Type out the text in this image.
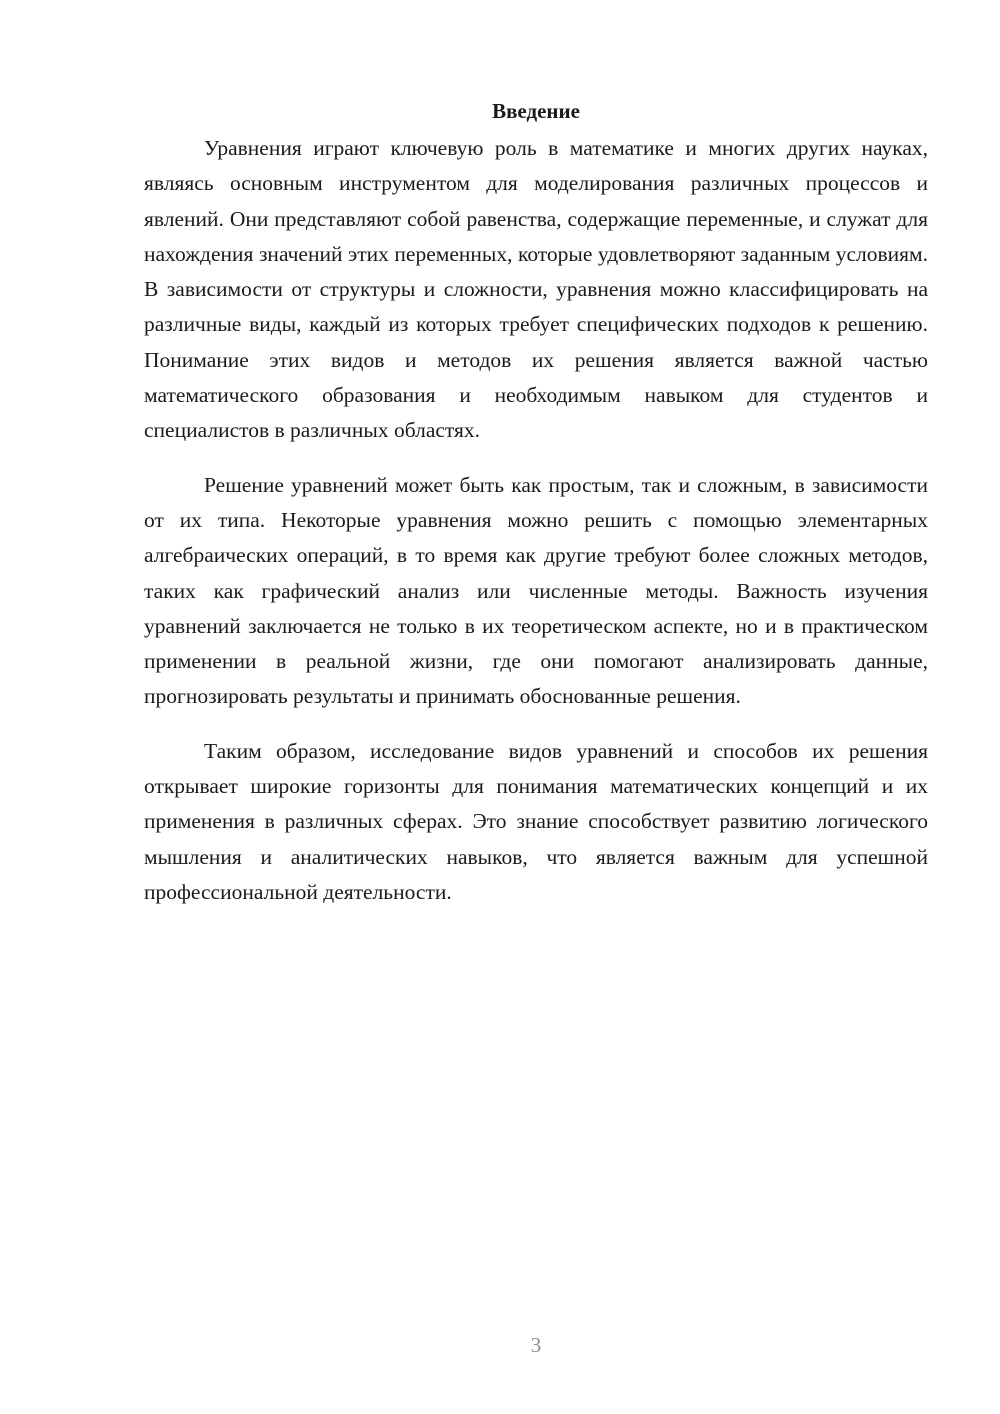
Введение

Уравнения играют ключевую роль в математике и многих других науках, являясь основным инструментом для моделирования различных процессов и явлений. Они представляют собой равенства, содержащие переменные, и служат для нахождения значений этих переменных, которые удовлетворяют заданным условиям. В зависимости от структуры и сложности, уравнения можно классифицировать на различные виды, каждый из которых требует специфических подходов к решению. Понимание этих видов и методов их решения является важной частью математического образования и необходимым навыком для студентов и специалистов в различных областях.

Решение уравнений может быть как простым, так и сложным, в зависимости от их типа. Некоторые уравнения можно решить с помощью элементарных алгебраических операций, в то время как другие требуют более сложных методов, таких как графический анализ или численные методы. Важность изучения уравнений заключается не только в их теоретическом аспекте, но и в практическом применении в реальной жизни, где они помогают анализировать данные, прогнозировать результаты и принимать обоснованные решения.

Таким образом, исследование видов уравнений и способов их решения открывает широкие горизонты для понимания математических концепций и их применения в различных сферах. Это знание способствует развитию логического мышления и аналитических навыков, что является важным для успешной профессиональной деятельности.

3
